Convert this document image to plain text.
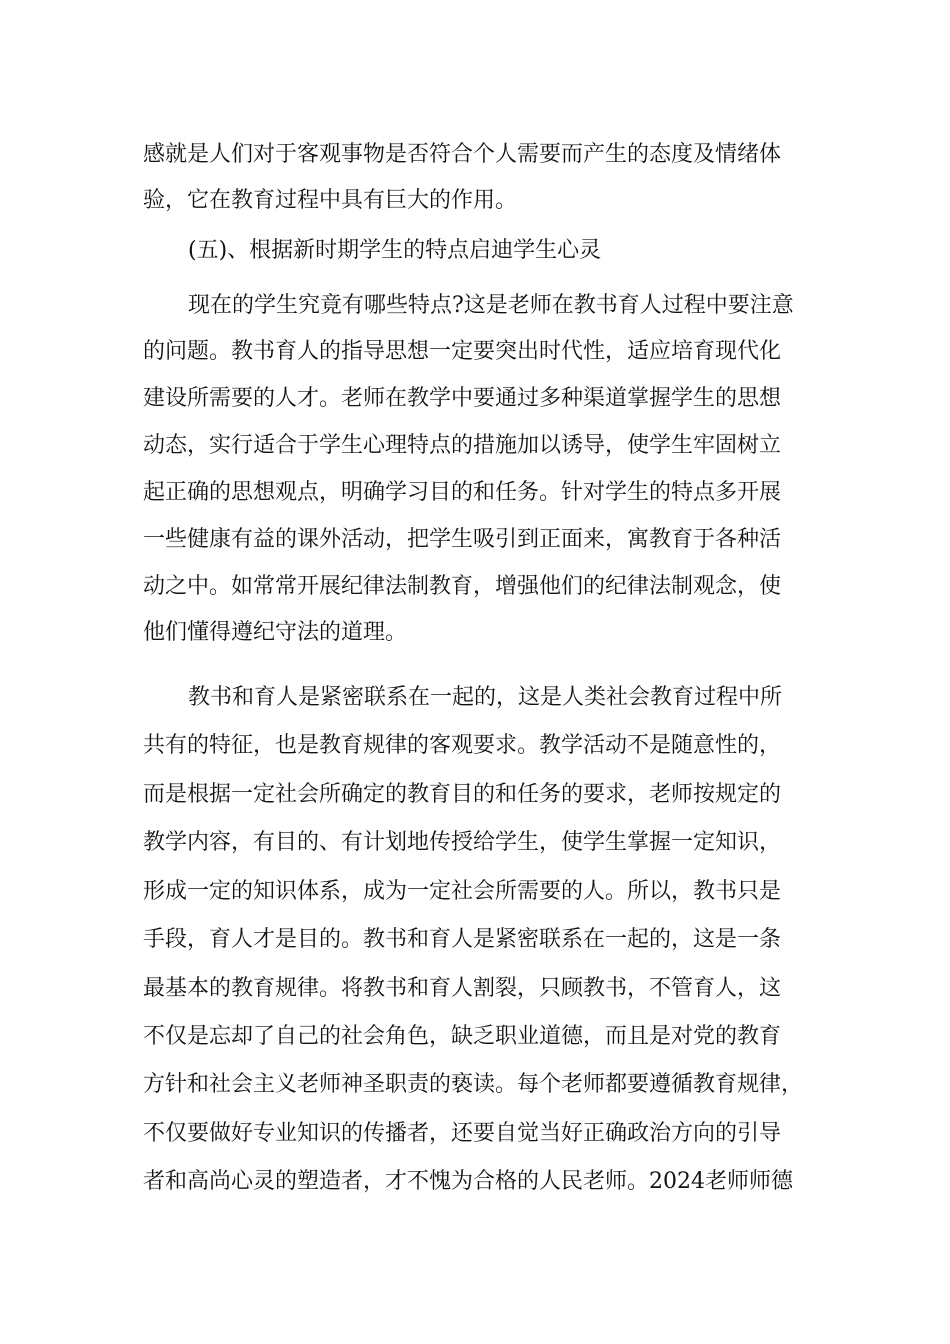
感就是人们对于客观事物是否符合个人需要而产生的态度及情绪体
验，它在教育过程中具有巨大的作用。
(五)、根据新时期学生的特点启迪学生心灵
现在的学生究竟有哪些特点?这是老师在教书育人过程中要注意
的问题。教书育人的指导思想一定要突出时代性，适应培育现代化
建设所需要的人才。老师在教学中要通过多种渠道掌握学生的思想
动态，实行适合于学生心理特点的措施加以诱导，使学生牢固树立
起正确的思想观点，明确学习目的和任务。针对学生的特点多开展
一些健康有益的课外活动，把学生吸引到正面来，寓教育于各种活
动之中。如常常开展纪律法制教育，增强他们的纪律法制观念，使
他们懂得遵纪守法的道理。
教书和育人是紧密联系在一起的，这是人类社会教育过程中所
共有的特征，也是教育规律的客观要求。教学活动不是随意性的，
而是根据一定社会所确定的教育目的和任务的要求，老师按规定的
教学内容，有目的、有计划地传授给学生，使学生掌握一定知识，
形成一定的知识体系，成为一定社会所需要的人。所以，教书只是
手段，育人才是目的。教书和育人是紧密联系在一起的，这是一条
最基本的教育规律。将教书和育人割裂，只顾教书，不管育人，这
不仅是忘却了自己的社会角色，缺乏职业道德，而且是对党的教育
方针和社会主义老师神圣职责的亵读。每个老师都要遵循教育规律，
不仅要做好专业知识的传播者，还要自觉当好正确政治方向的引导
者和高尚心灵的塑造者，才不愧为合格的人民老师。2024老师师德
